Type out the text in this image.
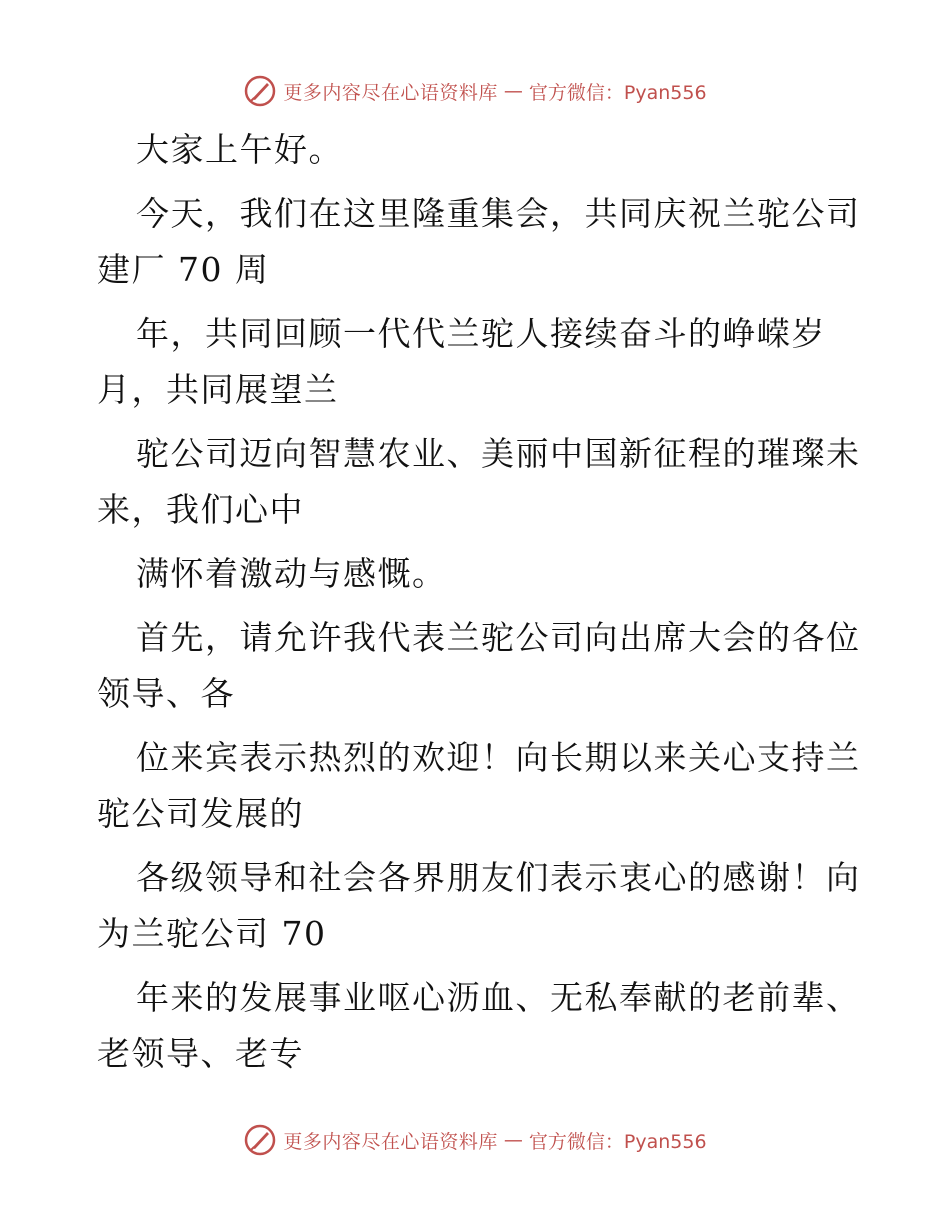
更多内容尽在心语资料库 — 官方微信：Pyan556
大家上午好。
今天，我们在这里隆重集会，共同庆祝兰驼公司
建厂 70 周
年，共同回顾一代代兰驼人接续奋斗的峥嵘岁
月，共同展望兰
驼公司迈向智慧农业、美丽中国新征程的璀璨未
来，我们心中
满怀着激动与感慨。
首先，请允许我代表兰驼公司向出席大会的各位
领导、各
位来宾表示热烈的欢迎！向长期以来关心支持兰
驼公司发展的
各级领导和社会各界朋友们表示衷心的感谢！向
为兰驼公司 70
年来的发展事业呕心沥血、无私奉献的老前辈、
老领导、老专
更多内容尽在心语资料库 — 官方微信：Pyan556
